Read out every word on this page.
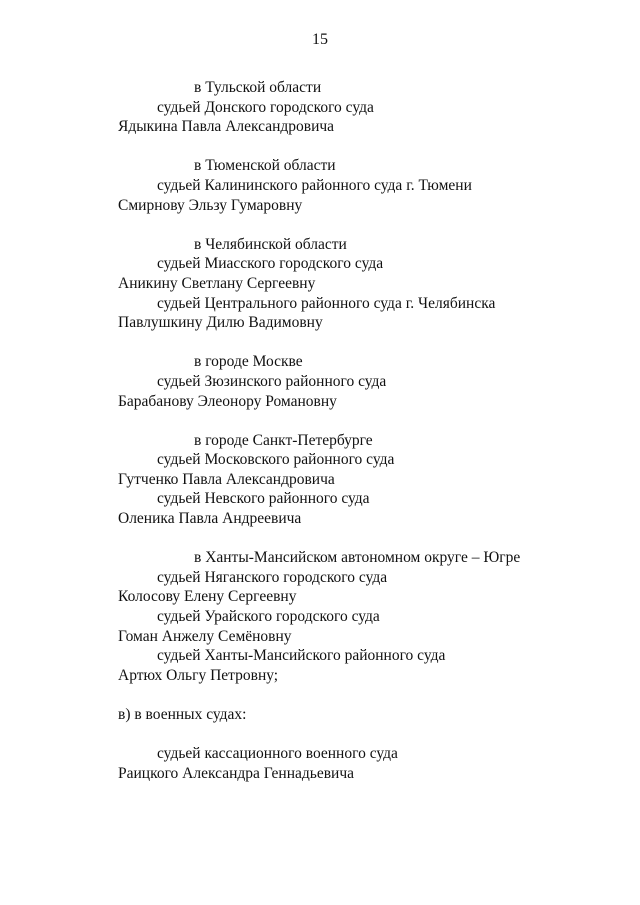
15
в Тульской области
судьей Донского городского суда
Ядыкина Павла Александровича
в Тюменской области
судьей Калининского районного суда г. Тюмени
Смирнову Эльзу Гумаровну
в Челябинской области
судьей Миасского городского суда
Аникину Светлану Сергеевну
судьей Центрального районного суда г. Челябинска
Павлушкину Дилю Вадимовну
в городе Москве
судьей Зюзинского районного суда
Барабанову Элеонору Романовну
в городе Санкт-Петербурге
судьей Московского районного суда
Гутченко Павла Александровича
судьей Невского районного суда
Оленика Павла Андреевича
в Ханты-Мансийском автономном округе – Югре
судьей Няганского городского суда
Колосову Елену Сергеевну
судьей Урайского городского суда
Гоман Анжелу Семёновну
судьей Ханты-Мансийского районного суда
Артюх Ольгу Петровну;
в) в военных судах:
судьей кассационного военного суда
Раицкого Александра Геннадьевича
